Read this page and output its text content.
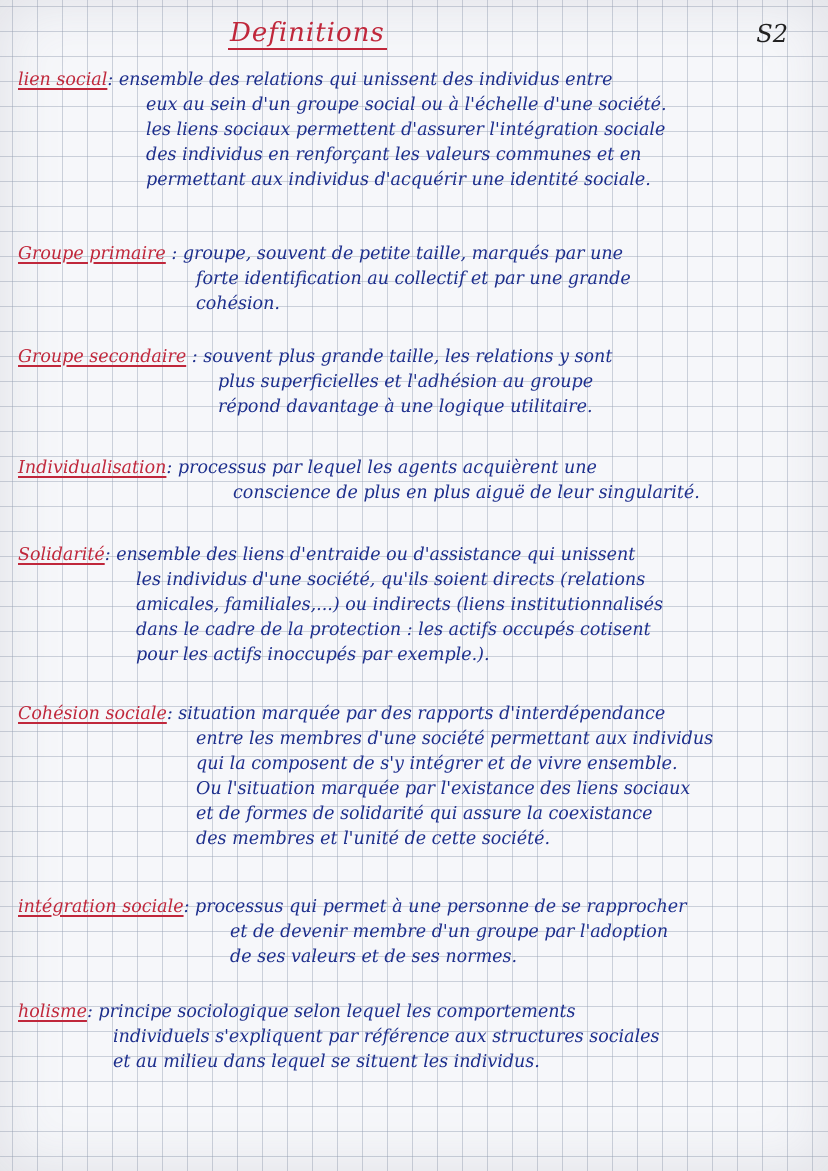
Definitions	S2
lien social: ensemble des relations qui unissent des individus entre
eux au sein d'un groupe social ou à l'échelle d'une société.
les liens sociaux permettent d'assurer l'intégration sociale
des individus en renforçant les valeurs communes et en
permettant aux individus d'acquérir une identité sociale.
Groupe primaire : groupe, souvent de petite taille, marqués par une
forte identification au collectif et par une grande
cohésion.
Groupe secondaire : souvent plus grande taille, les relations y sont
plus superficielles et l'adhésion au groupe
répond davantage à une logique utilitaire.
Individualisation: processus par lequel les agents acquièrent une
conscience de plus en plus aiguë de leur singularité.
Solidarité: ensemble des liens d'entraide ou d'assistance qui unissent
les individus d'une société, qu'ils soient directs (relations
amicales, familiales,...) ou indirects (liens institutionnalisés
dans le cadre de la protection : les actifs occupés cotisent
pour les actifs inoccupés par exemple.).
Cohésion sociale: situation marquée par des rapports d'interdépendance
entre les membres d'une société permettant aux individus
qui la composent de s'y intégrer et de vivre ensemble.
Ou l'situation marquée par l'existance des liens sociaux
et de formes de solidarité qui assure la coexistance
des membres et l'unité de cette société.
intégration sociale: processus qui permet à une personne de se rapprocher
et de devenir membre d'un groupe par l'adoption
de ses valeurs et de ses normes.
holisme: principe sociologique selon lequel les comportements
individuels s'expliquent par référence aux structures sociales
et au milieu dans lequel se situent les individus.
